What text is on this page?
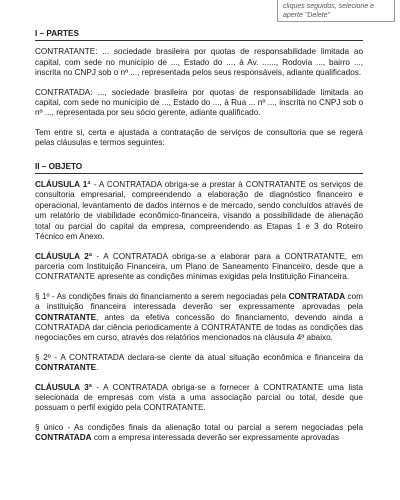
cliques seguidos, selecione e aperte "Delete"
I – PARTES

CONTRATANTE: ... sociedade brasileira por quotas de responsabilidade limitada ao capital, com sede no município de ..., Estado do ..., à Av. ......, Rodovia ..., bairro ..., inscrita no CNPJ sob o nº ..., representada pelos seus responsáveis, adiante qualificados.

CONTRATADA: ..., sociedade brasileira por quotas de responsabilidade limitada ao capital, com sede no município de ..., Estado do ..., à Rua ... nº ..., inscrita no CNPJ sob o nº ..., representada por seu sócio gerente, adiante qualificado.

Tem entre si, certa e ajustada a contratação de serviços de consultoria que se regerá pelas cláusulas e termos seguintes:

II – OBJETO

CLÁUSULA 1ª - A CONTRATADA obriga-se a prestar à CONTRATANTE os serviços de consultoria empresarial, compreendendo a elaboração de diagnóstico financeiro e operacional, levantamento de dados internos e de mercado, sendo concluídos através de um relatório de viabilidade econômico-financeira, visando a possibilidade de alienação total ou parcial do capital da empresa, compreendendo as Etapas 1 e 3 do Roteiro Técnico em Anexo.

CLÁUSULA 2ª - A CONTRATADA obriga-se a elaborar para a CONTRATANTE, em parceria com Instituição Financeira, um Plano de Saneamento Financeiro, desde que a CONTRATANTE apresente as condições mínimas exigidas pela Instituição Financeira.

§ 1º - As condições finais do financiamento a serem negociadas pela CONTRATADA com a instituição financeira interessada deverão ser expressamente aprovadas pela CONTRATANTE, antes da efetiva concessão do financiamento, devendo ainda a CONTRATADA dar ciência periodicamente à CONTRATANTE de todas as condições das negociações em curso, através dos relatórios mencionados na cláusula 4ª abaixo.

§ 2º - A CONTRATADA declara-se ciente da atual situação econômica e financeira da CONTRATANTE.

CLÁUSULA 3ª - A CONTRATADA obriga-se a fornecer à CONTRATANTE uma lista selecionada de empresas com vista a uma associação parcial ou total, desde que possuam o perfil exigido pela CONTRATANTE.

§ único - As condições finais da alienação total ou parcial a serem negociadas pela CONTRATADA com a empresa interessada deverão ser expressamente aprovadas
